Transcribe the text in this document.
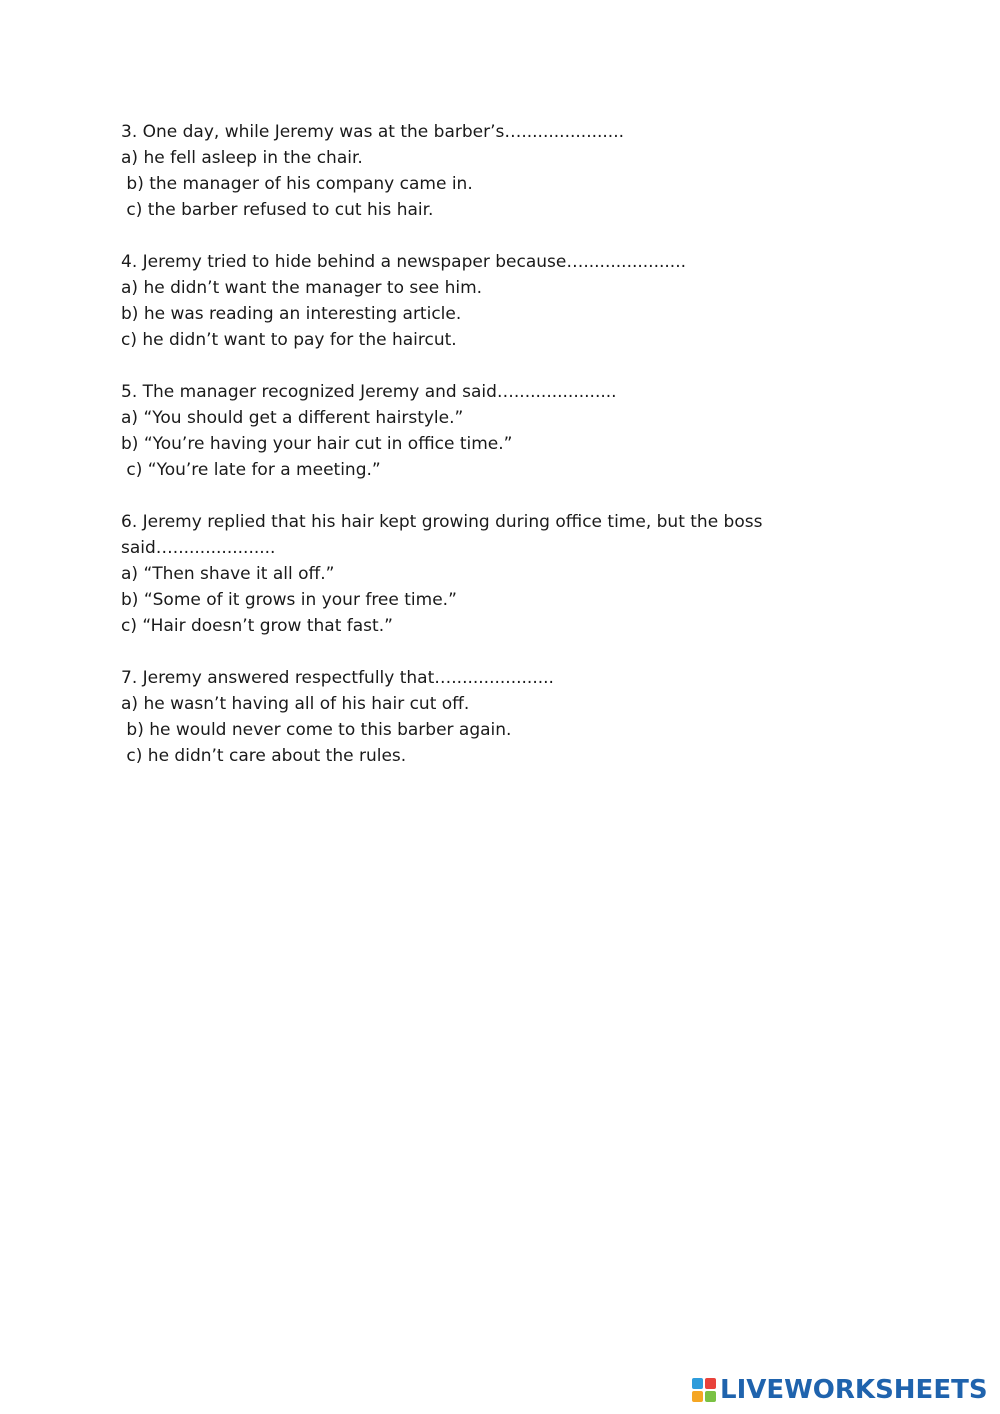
3. One day, while Jeremy was at the barber’s…...................

a) he fell asleep in the chair.

b) the manager of his company came in.

c) the barber refused to cut his hair.

4. Jeremy tried to hide behind a newspaper because…...................

a) he didn’t want the manager to see him.

b) he was reading an interesting article.

c) he didn’t want to pay for the haircut.

5. The manager recognized Jeremy and said…...................

a) “You should get a different hairstyle.”

b) “You’re having your hair cut in office time.”

c) “You’re late for a meeting.”

6. Jeremy replied that his hair kept growing during office time, but the boss

said…...................

a) “Then shave it all off.”

b) “Some of it grows in your free time.”

c) “Hair doesn’t grow that fast.”

7. Jeremy answered respectfully that…...................

a) he wasn’t having all of his hair cut off.

b) he would never come to this barber again.

c) he didn’t care about the rules.

LIVEWORKSHEETS
